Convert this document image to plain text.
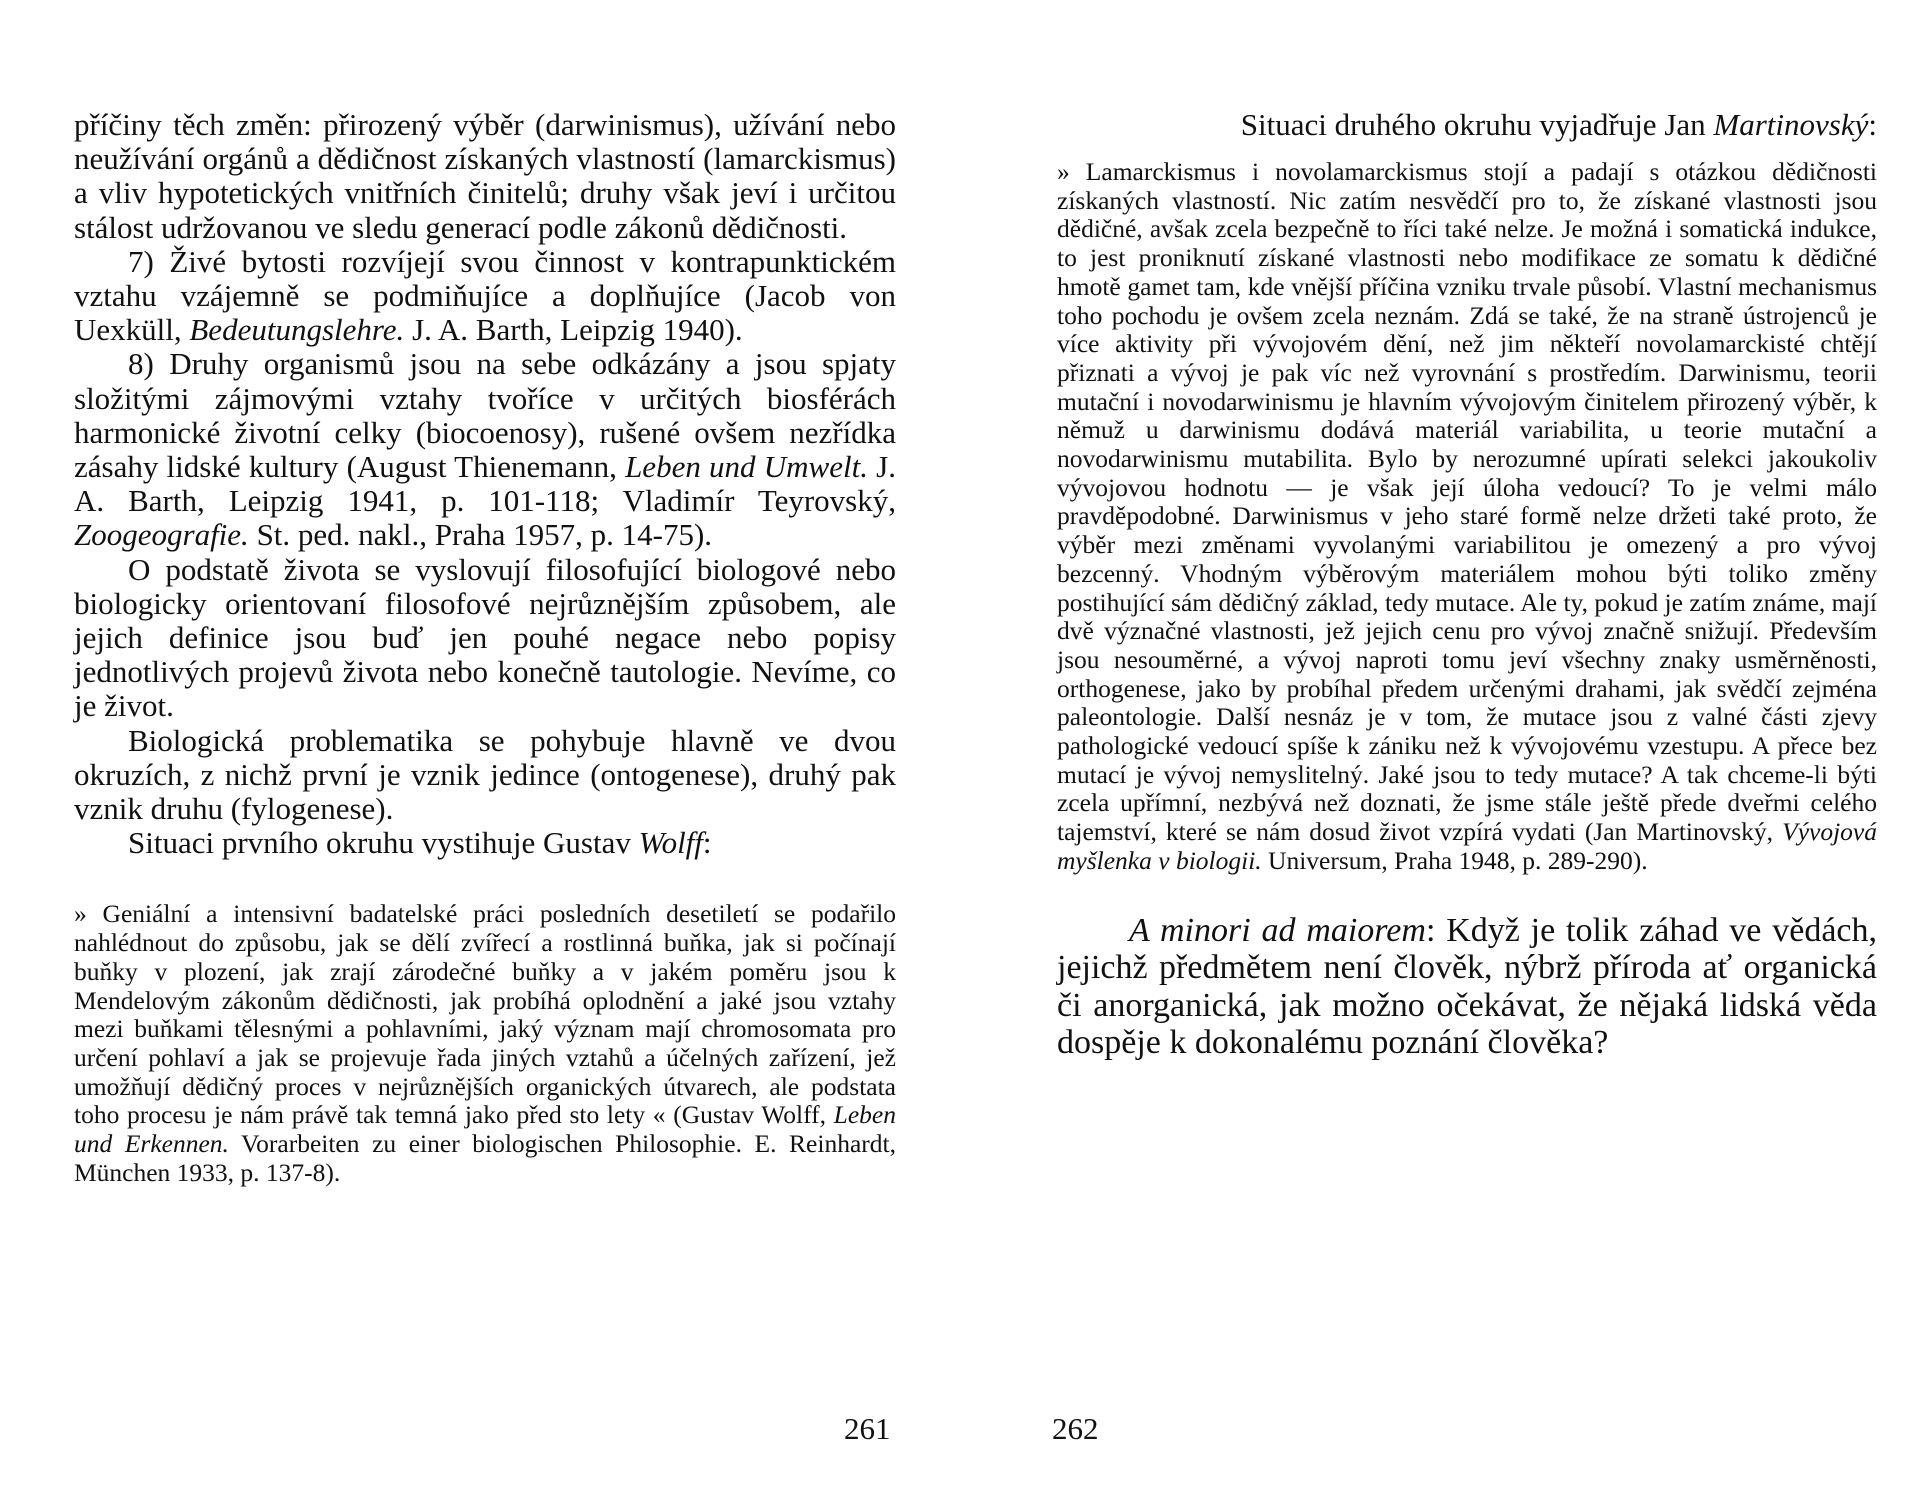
příčiny těch změn: přirozený výběr (darwinismus), užívání nebo neužívání orgánů a dědičnost získaných vlastností (lamarckismus) a vliv hypotetických vnitřních činitelů; druhy však jeví i určitou stálost udržovanou ve sledu generací podle zákonů dědičnosti.

7) Živé bytosti rozvíjejí svou činnost v kontrapunktickém vztahu vzájemně se podmiňujíce a doplňujíce (Jacob von Uexküll, Bedeutungslehre. J. A. Barth, Leipzig 1940).

8) Druhy organismů jsou na sebe odkázány a jsou spjaty složitými zájmovými vztahy tvoříce v určitých biosférách harmonické životní celky (biocoenosy), rušené ovšem nezřídka zásahy lidské kultury (August Thienemann, Leben und Umwelt. J. A. Barth, Leipzig 1941, p. 101-118; Vladimír Teyrovský, Zoogeografie. St. ped. nakl., Praha 1957, p. 14-75).

O podstatě života se vyslovují filosofující biologové nebo biologicky orientovaní filosofové nejrůznějším způsobem, ale jejich definice jsou buď jen pouhé negace nebo popisy jednotlivých projevů života nebo konečně tautologie. Nevíme, co je život.

Biologická problematika se pohybuje hlavně ve dvou okruzích, z nichž první je vznik jedince (ontogenese), druhý pak vznik druhu (fylogenese).

Situaci prvního okruhu vystihuje Gustav Wolff:

» Geniální a intensivní badatelské práci posledních desetiletí se podařilo nahlédnout do způsobu, jak se dělí zvířecí a rostlinná buňka, jak si počínají buňky v plození, jak zrají zárodečné buňky a v jakém poměru jsou k Mendelovým zákonům dědičnosti, jak probíhá oplodnění a jaké jsou vztahy mezi buňkami tělesnými a pohlavními, jaký význam mají chromosomata pro určení pohlaví a jak se projevuje řada jiných vztahů a účelných zařízení, jež umožňují dědičný proces v nejrůznějších organických útvarech, ale podstata toho procesu je nám právě tak temná jako před sto lety « (Gustav Wolff, Leben und Erkennen. Vorarbeiten zu einer biologischen Philosophie. E. Reinhardt, München 1933, p. 137-8).

261

Situaci druhého okruhu vyjadřuje Jan Martinovský:

» Lamarckismus i novolamarckismus stojí a padají s otázkou dědičnosti získaných vlastností. Nic zatím nesvědčí pro to, že získané vlastnosti jsou dědičné, avšak zcela bezpečně to říci také nelze. Je možná i somatická indukce, to jest proniknutí získané vlastnosti nebo modifikace ze somatu k dědičné hmotě gamet tam, kde vnější příčina vzniku trvale působí. Vlastní mechanismus toho pochodu je ovšem zcela neznám. Zdá se také, že na straně ústrojenců je více aktivity při vývojovém dění, než jim někteří novolamarckisté chtějí přiznati a vývoj je pak víc než vyrovnání s prostředím. Darwinismu, teorii mutační i novodarwinismu je hlavním vývojovým činitelem přirozený výběr, k němuž u darwinismu dodává materiál variabilita, u teorie mutační a novodarwinismu mutabilita. Bylo by nerozumné upírati selekci jakoukoliv vývojovou hodnotu — je však její úloha vedoucí? To je velmi málo pravděpodobné. Darwinismus v jeho staré formě nelze držeti také proto, že výběr mezi změnami vyvolanými variabilitou je omezený a pro vývoj bezcenný. Vhodným výběrovým materiálem mohou býti toliko změny postihující sám dědičný základ, tedy mutace. Ale ty, pokud je zatím známe, mají dvě význačné vlastnosti, jež jejich cenu pro vývoj značně snižují. Především jsou nesouměrné, a vývoj naproti tomu jeví všechny znaky usměrněnosti, orthogenese, jako by probíhal předem určenými drahami, jak svědčí zejména paleontologie. Další nesnáz je v tom, že mutace jsou z valné části zjevy pathologické vedoucí spíše k zániku než k vývojovému vzestupu. A přece bez mutací je vývoj nemyslitelný. Jaké jsou to tedy mutace? A tak chceme-li býti zcela upřímní, nezbývá než doznati, že jsme stále ještě přede dveřmi celého tajemství, které se nám dosud život vzpírá vydati (Jan Martinovský, Vývojová myšlenka v biologii. Universum, Praha 1948, p. 289-290).

A minori ad maiorem: Když je tolik záhad ve vědách, jejichž předmětem není člověk, nýbrž příroda ať organická či anorganická, jak možno očekávat, že nějaká lidská věda dospěje k dokonalému poznání člověka?

262
